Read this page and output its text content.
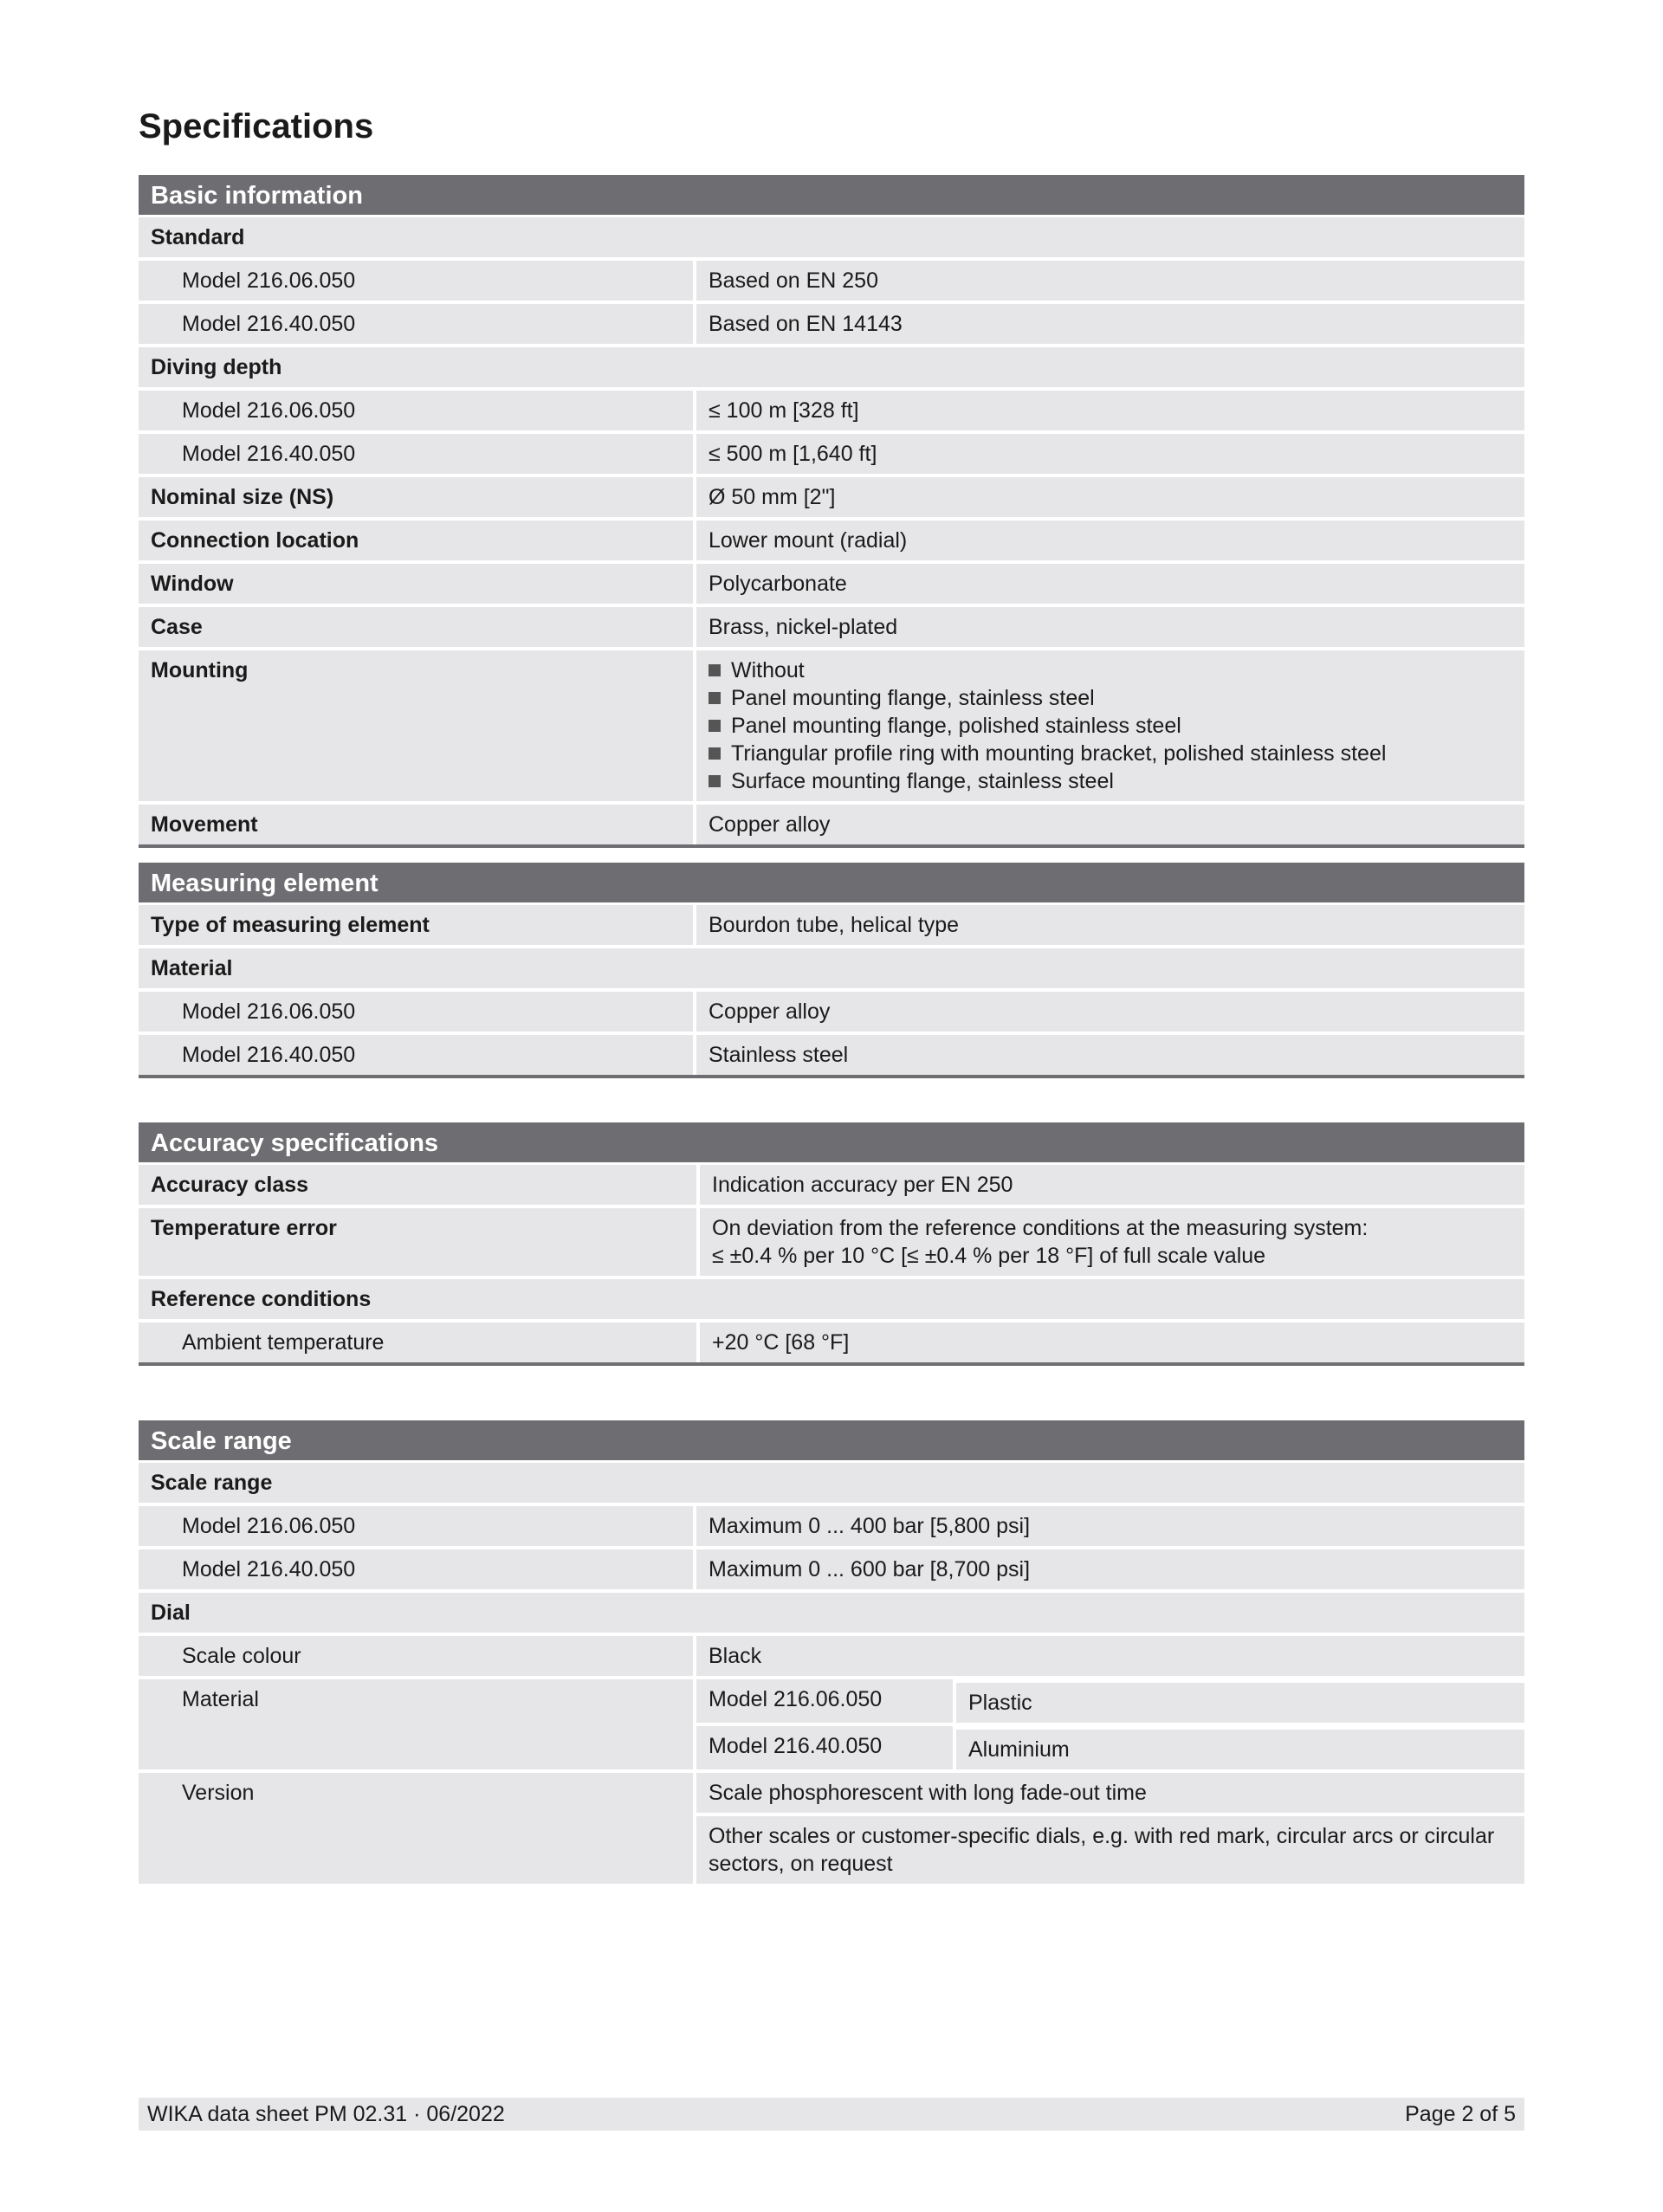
Specifications
Basic information
Standard
Model 216.06.050	Based on EN 250
Model 216.40.050	Based on EN 14143
Diving depth
Model 216.06.050	≤ 100 m [328 ft]
Model 216.40.050	≤ 500 m [1,640 ft]
Nominal size (NS)	Ø 50 mm [2"]
Connection location	Lower mount (radial)
Window	Polycarbonate
Case	Brass, nickel-plated
Mounting	Without
Panel mounting flange, stainless steel
Panel mounting flange, polished stainless steel
Triangular profile ring with mounting bracket, polished stainless steel
Surface mounting flange, stainless steel
Movement	Copper alloy
Measuring element
Type of measuring element	Bourdon tube, helical type
Material
Model 216.06.050	Copper alloy
Model 216.40.050	Stainless steel
Accuracy specifications
Accuracy class	Indication accuracy per EN 250
Temperature error	On deviation from the reference conditions at the measuring system:
≤ ±0.4 % per 10 °C [≤ ±0.4 % per 18 °F] of full scale value
Reference conditions
Ambient temperature	+20 °C [68 °F]
Scale range
Scale range
Model 216.06.050	Maximum 0 ... 400 bar [5,800 psi]
Model 216.40.050	Maximum 0 ... 600 bar [8,700 psi]
Dial
Scale colour	Black
Material	Model 216.06.050	Plastic
Model 216.40.050	Aluminium
Version	Scale phosphorescent with long fade-out time
Other scales or customer-specific dials, e.g. with red mark, circular arcs or circular
sectors, on request
WIKA data sheet PM 02.31 · 06/2022	Page 2 of 5
